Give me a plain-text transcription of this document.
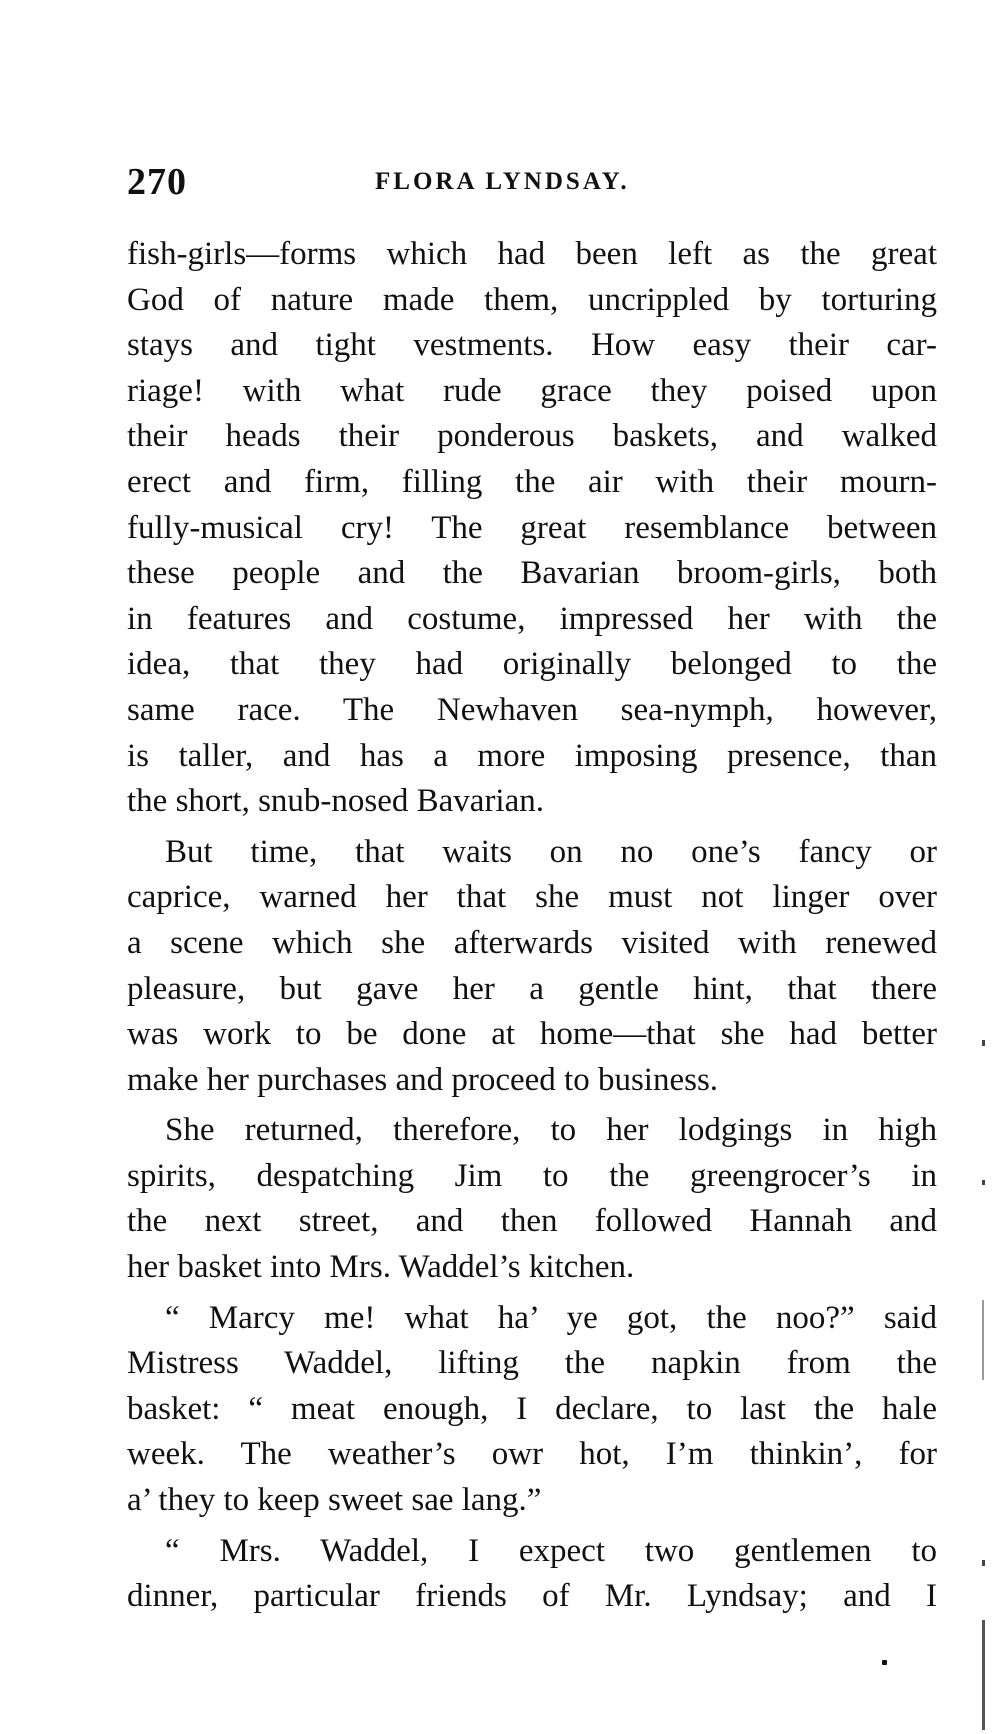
270	FLORA LYNDSAY.
fish-girls—forms which had been left as the great
God of nature made them, uncrippled by torturing
stays and tight vestments. How easy their car-
riage! with what rude grace they poised upon
their heads their ponderous baskets, and walked
erect and firm, filling the air with their mourn-
fully-musical cry! The great resemblance between
these people and the Bavarian broom-girls, both
in features and costume, impressed her with the
idea, that they had originally belonged to the
same race. The Newhaven sea-nymph, however,
is taller, and has a more imposing presence, than
the short, snub-nosed Bavarian.
But time, that waits on no one’s fancy or
caprice, warned her that she must not linger over
a scene which she afterwards visited with renewed
pleasure, but gave her a gentle hint, that there
was work to be done at home—that she had better
make her purchases and proceed to business.
She returned, therefore, to her lodgings in high
spirits, despatching Jim to the greengrocer’s in
the next street, and then followed Hannah and
her basket into Mrs. Waddel’s kitchen.
“ Marcy me! what ha’ ye got, the noo?” said
Mistress Waddel, lifting the napkin from the
basket: “ meat enough, I declare, to last the hale
week. The weather’s owr hot, I’m thinkin’, for
a’ they to keep sweet sae lang.”
“ Mrs. Waddel, I expect two gentlemen to
dinner, particular friends of Mr. Lyndsay; and I
